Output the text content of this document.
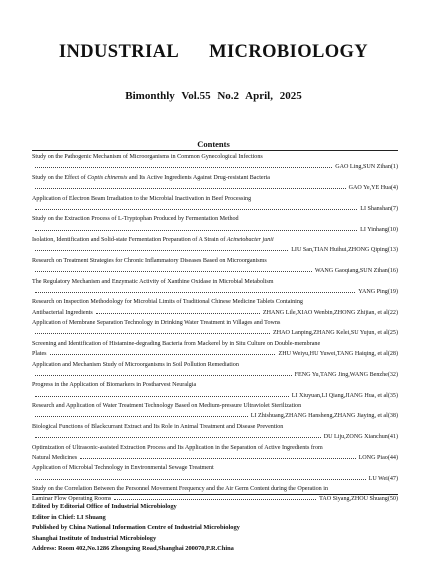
INDUSTRIAL MICROBIOLOGY
Bimonthly Vol.55 No.2 April, 2025
Contents
Study on the Pathogenic Mechanism of Microorganisms in Common Gynecological Infections
GAO Ling,SUN Zihan(1)
Study on the Effect of Coptis chinensis and Its Active Ingredients Against Drug-resistant Bacteria
GAO Ye,YE Hua(4)
Application of Electron Beam Irradiation to the Microbial Inactivation in Beef Processing
LI Shanshan(7)
Study on the Extraction Process of L-Tryptophan Produced by Fermentation Method
LI Yinhang(10)
Isolation, Identification and Solid-state Fermentation Preparation of A Strain of Acinetobacter junii
LIU San,TIAN Huihui,ZHONG Qiping(13)
Research on Treatment Strategies for Chronic Inflammatory Diseases Based on Microorganisms
WANG Gaoqiang,SUN Zihan(16)
The Regulatory Mechanism and Enzymatic Activity of Xanthine Oxidase in Microbial Metabolism
YANG Ping(19)
Research on Inspection Methodology for Microbial Limits of Traditional Chinese Medicine Tablets Containing
Antibacterial Ingredients	ZHANG Lile,XIAO Wenbin,ZHONG Zhijian, et al(22)
Application of Membrane Separation Technology in Drinking Water Treatment in Villages and Towns
ZHAO Lanping,ZHANG Kelei,SU Yujun, et al(25)
Screening and Identification of Histamine-degrading Bacteria from Mackerel by in Situ Culture on Double-membrane
Plates	ZHU Weiyu,HU Yuwei,TANG Haiqing, et al(28)
Application and Mechanism Study of Microorganisms in Soil Pollution Remediation
FENG Yu,TANG Jing,WANG Benzhe(32)
Progress in the Application of Biomarkers in Postharvest Neuralgia
LI Xiuyuan,LI Qiang,JIANG Hua, et al(35)
Research and Application of Water Treatment Technology Based on Medium-pressure Ultraviolet Sterilization
LI Zhishuang,ZHANG Hansheng,ZHANG Jiaying, et al(38)
Biological Functions of Blackcurrant Extract and Its Role in Animal Treatment and Disease Prevention
DU Liju,ZONG Xianchun(41)
Optimization of Ultrasonic-assisted Extraction Process and Its Application in the Separation of Active Ingredients from
Natural Medicines	LONG Piao(44)
Application of Microbial Technology in Environmental Sewage Treatment
LU Wei(47)
Study on the Correlation Between the Personnel Movement Frequency and the Air Germ Content during the Operation in
Laminar Flow Operating Rooms	TAO Siyang,ZHOU Shuang(50)
Edited by Editorial Office of Industrial Microbiology
Editor in Chief: LI Shuang
Published by China National Information Centre of Industrial Microbiology
Shanghai Institute of Industrial Microbiology
Address: Room 402,No.1286 Zhongxing Road,Shanghai 200070,P.R.China
